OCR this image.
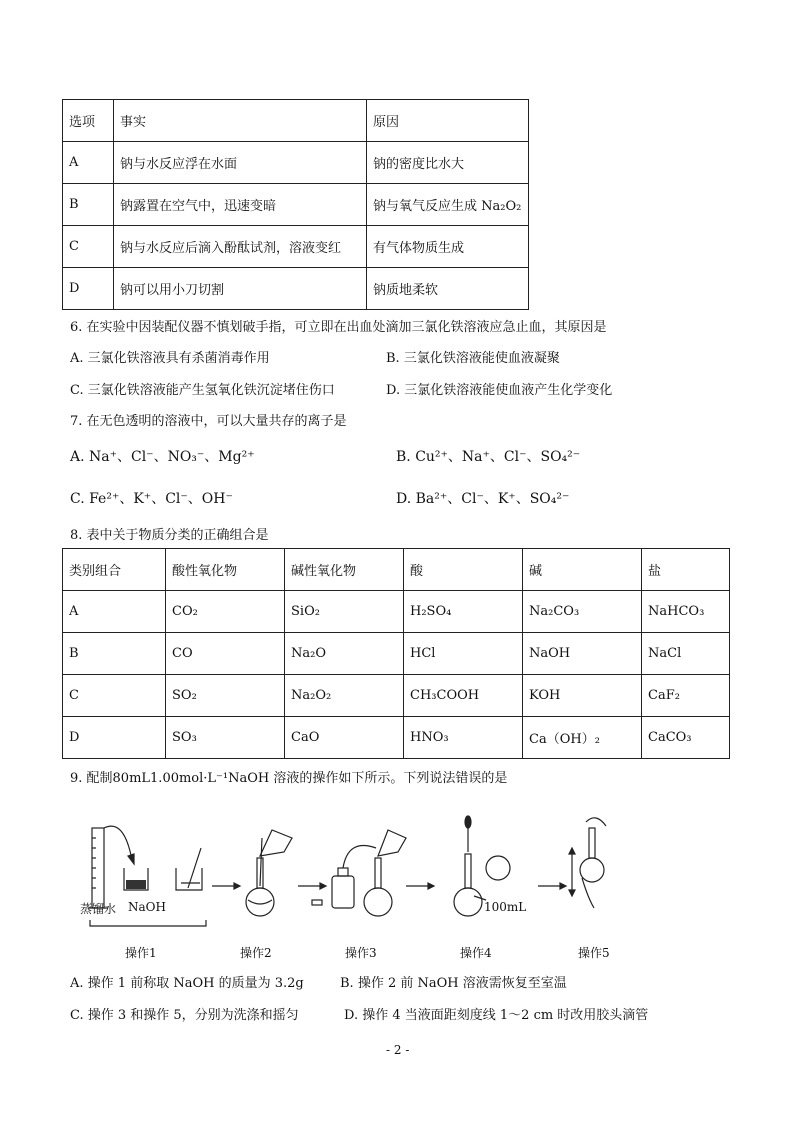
选项	事实	原因
A	钠与水反应浮在水面	钠的密度比水大
B	钠露置在空气中，迅速变暗	钠与氧气反应生成 Na₂O₂
C	钠与水反应后滴入酚酞试剂，溶液变红	有气体物质生成
D	钠可以用小刀切割	钠质地柔软
6. 在实验中因装配仪器不慎划破手指，可立即在出血处滴加三氯化铁溶液应急止血，其原因是
A. 三氯化铁溶液具有杀菌消毒作用	B. 三氯化铁溶液能使血液凝聚
C. 三氯化铁溶液能产生氢氧化铁沉淀堵住伤口	D. 三氯化铁溶液能使血液产生化学变化
7. 在无色透明的溶液中，可以大量共存的离子是
A. Na⁺、Cl⁻、NO₃⁻、Mg²⁺	B. Cu²⁺、Na⁺、Cl⁻、SO₄²⁻
C. Fe²⁺、K⁺、Cl⁻、OH⁻	D. Ba²⁺、Cl⁻、K⁺、SO₄²⁻
8. 表中关于物质分类的正确组合是
类别组合	酸性氧化物	碱性氧化物	酸	碱	盐
A	CO₂	SiO₂	H₂SO₄	Na₂CO₃	NaHCO₃
B	CO	Na₂O	HCl	NaOH	NaCl
C	SO₂	Na₂O₂	CH₃COOH	KOH	CaF₂
D	SO₃	CaO	HNO₃	Ca（OH）₂	CaCO₃
9. 配制80mL1.00mol·L⁻¹NaOH 溶液的操作如下所示。下列说法错误的是
蒸馏水 NaOH	100mL
操作1	操作2	操作3	操作4	操作5
A. 操作 1 前称取 NaOH 的质量为 3.2g	B. 操作 2 前 NaOH 溶液需恢复至室温
C. 操作 3 和操作 5，分别为洗涤和摇匀	D. 操作 4 当液面距刻度线 1～2 cm 时改用胶头滴管
- 2 -
